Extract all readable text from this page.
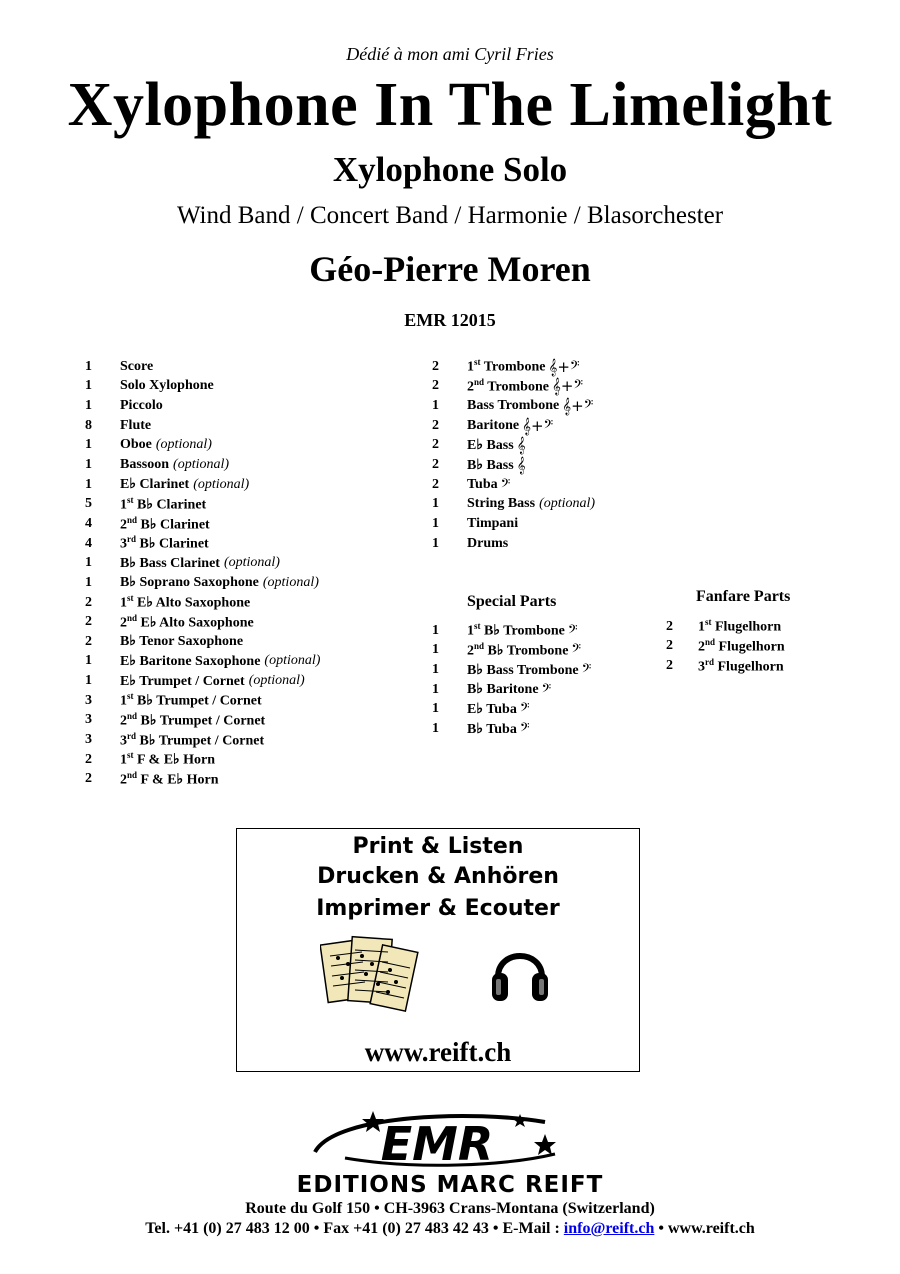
Dédié à mon ami Cyril Fries
Xylophone In The Limelight
Xylophone Solo
Wind Band / Concert Band / Harmonie / Blasorchester
Géo-Pierre Moren
EMR 12015
1	Score
1	Solo Xylophone
1	Piccolo
8	Flute
1	Oboe (optional)
1	Bassoon (optional)
1	E♭ Clarinet (optional)
5	1st B♭ Clarinet
4	2nd B♭ Clarinet
4	3rd B♭ Clarinet
1	B♭ Bass Clarinet (optional)
1	B♭ Soprano Saxophone (optional)
2	1st E♭ Alto Saxophone
2	2nd E♭ Alto Saxophone
2	B♭ Tenor Saxophone
1	E♭ Baritone Saxophone (optional)
1	E♭ Trumpet / Cornet (optional)
3	1st B♭ Trumpet / Cornet
3	2nd B♭ Trumpet / Cornet
3	3rd B♭ Trumpet / Cornet
2	1st F & E♭ Horn
2	2nd F & E♭ Horn
2	1st Trombone 𝄞+𝄢
2	2nd Trombone 𝄞+𝄢
1	Bass Trombone 𝄞+𝄢
2	Baritone 𝄞+𝄢
2	E♭ Bass 𝄞
2	B♭ Bass 𝄞
2	Tuba 𝄢
1	String Bass (optional)
1	Timpani
1	Drums
Special Parts
1	1st B♭ Trombone 𝄢
1	2nd B♭ Trombone 𝄢
1	B♭ Bass Trombone 𝄢
1	B♭ Baritone 𝄢
1	E♭ Tuba 𝄢
1	B♭ Tuba 𝄢
Fanfare Parts
2	1st Flugelhorn
2	2nd Flugelhorn
2	3rd Flugelhorn
Print & Listen
Drucken & Anhören
Imprimer & Ecouter
www.reift.ch
EMR
EDITIONS MARC REIFT
Route du Golf 150 • CH-3963 Crans-Montana (Switzerland)
Tel. +41 (0) 27 483 12 00 • Fax +41 (0) 27 483 42 43 • E-Mail : info@reift.ch • www.reift.ch
